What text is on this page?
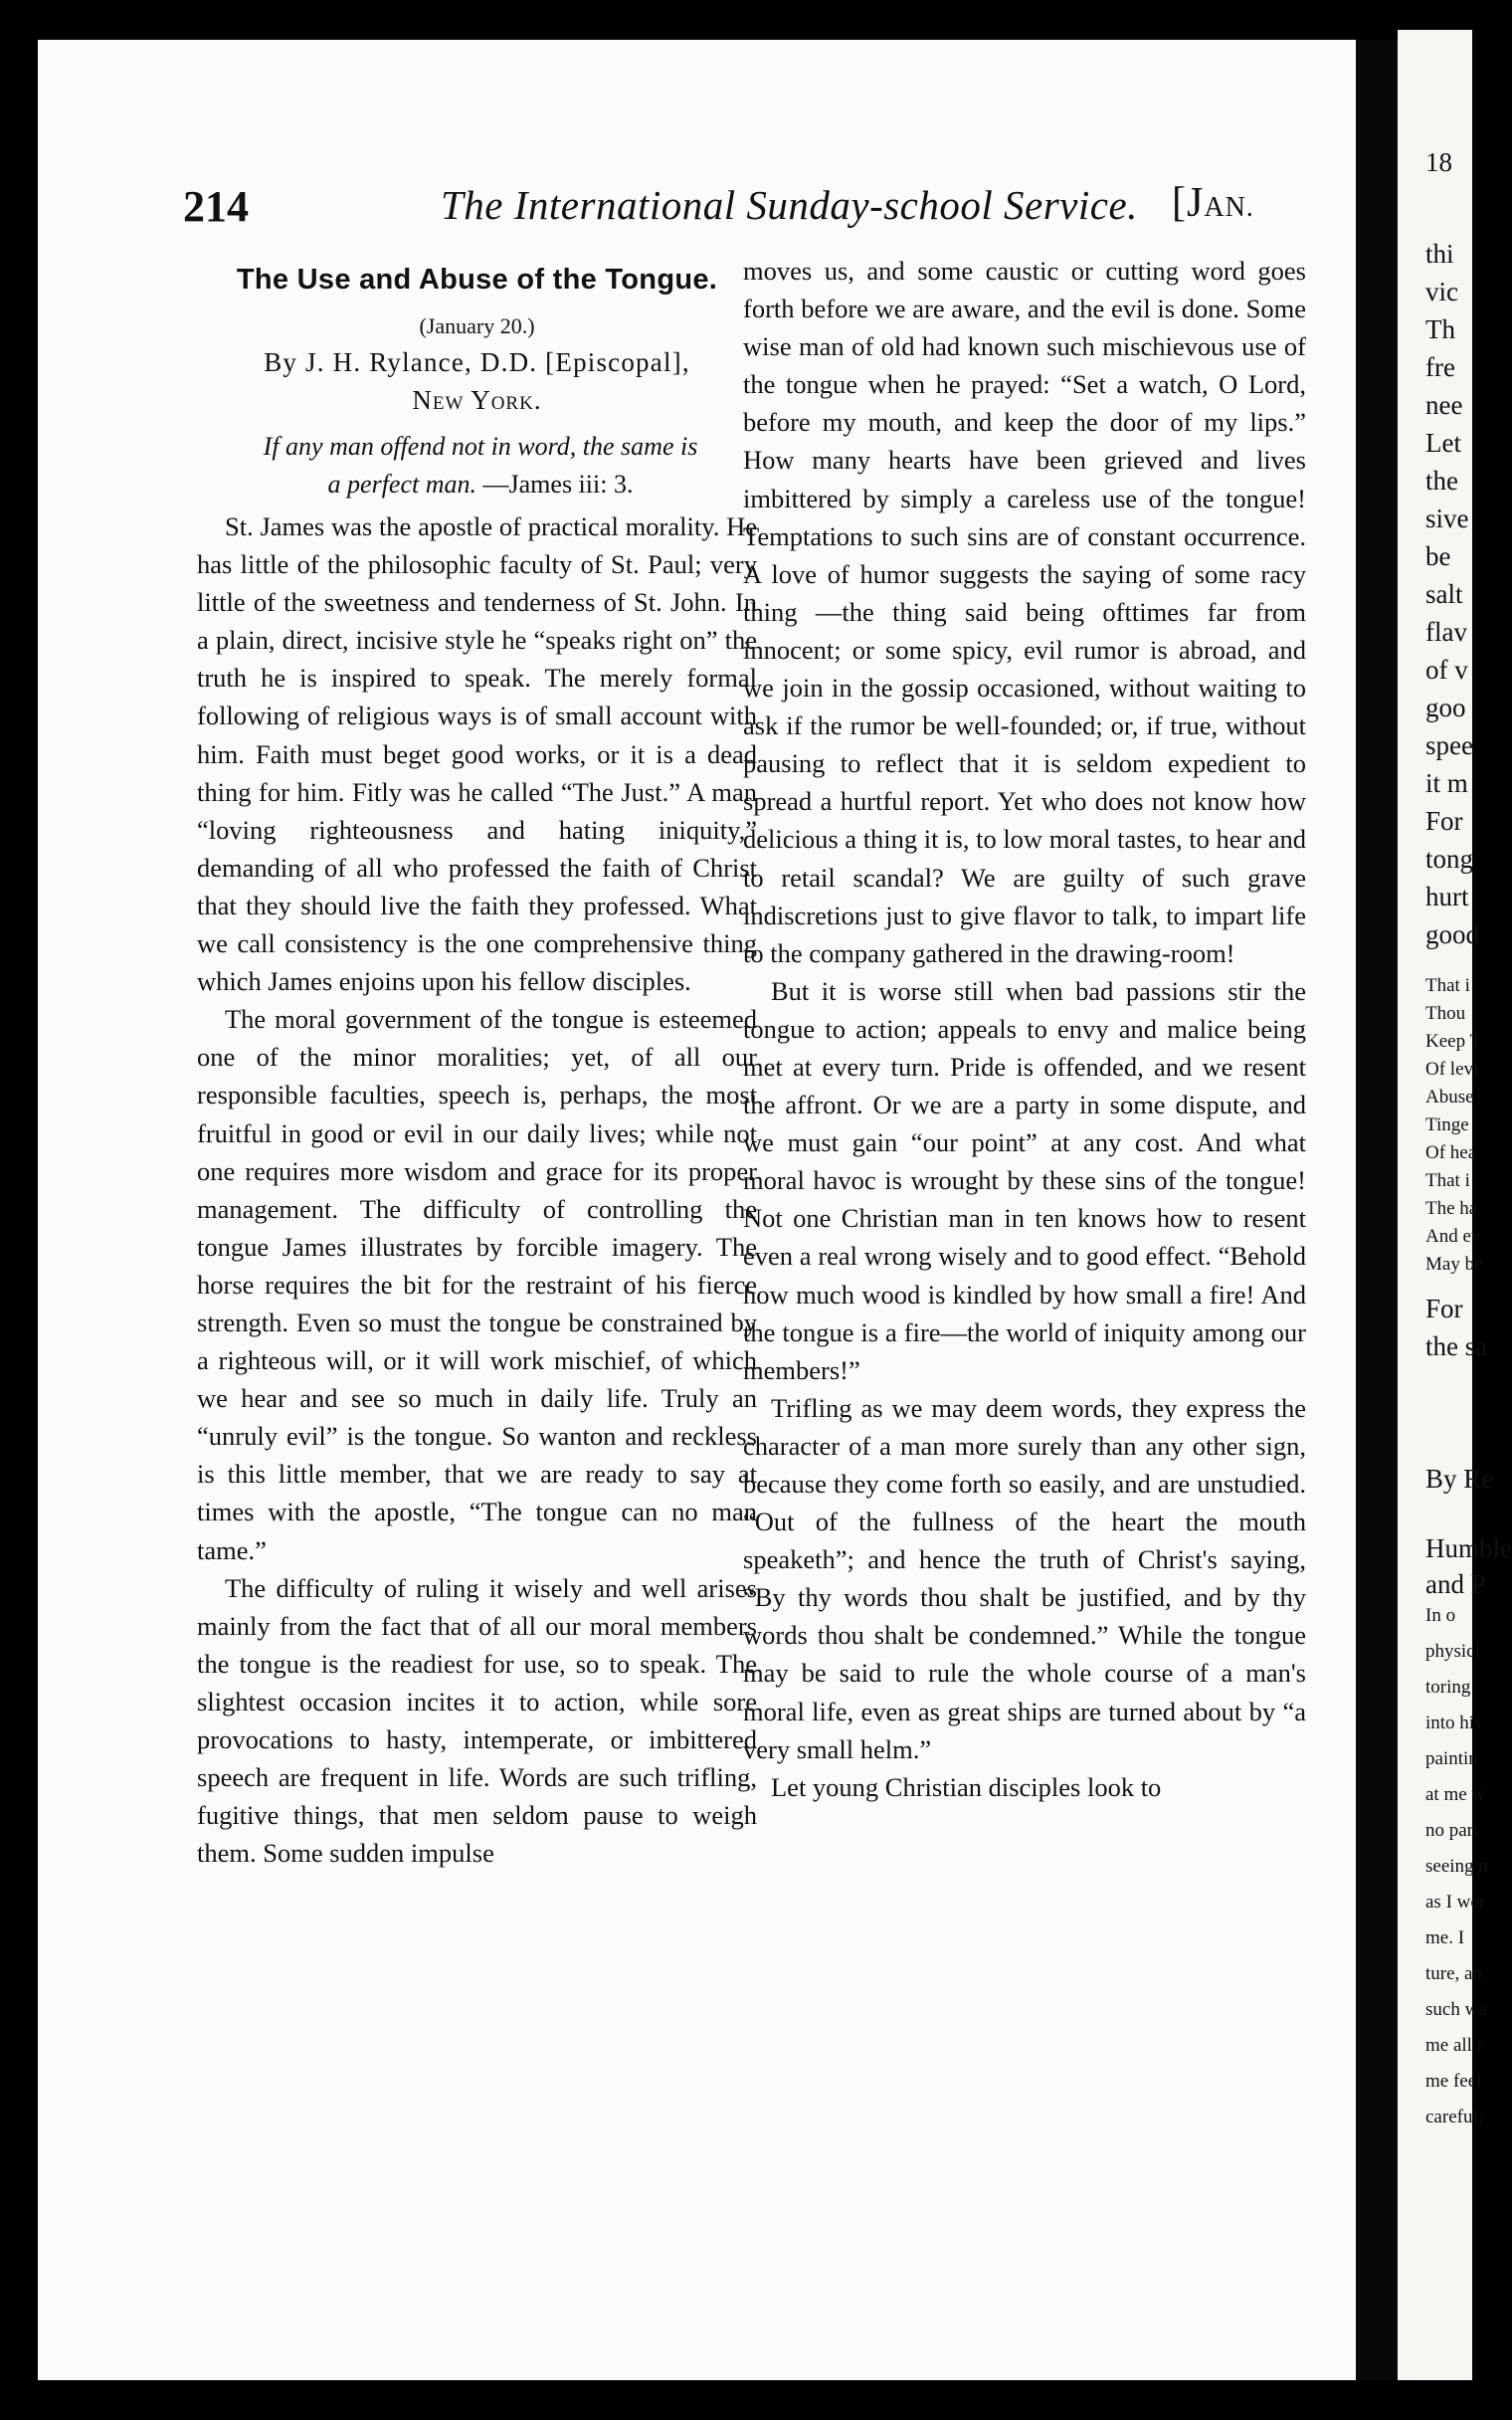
214	The International Sunday-school Service. [JAN.
The Use and Abuse of the Tongue.
(January 20.)
By J. H. Rylance, D.D. [Episcopal],
New York.
If any man offend not in word, the same is
a perfect man. —James iii: 3.

St. James was the apostle of practical morality. He has little of the philosophic faculty of St. Paul; very little of the sweetness and tenderness of St. John. In a plain, direct, incisive style he “speaks right on” the truth he is inspired to speak. The merely formal following of religious ways is of small account with him. Faith must beget good works, or it is a dead thing for him. Fitly was he called “The Just.” A man “loving righteousness and hating iniquity,” demanding of all who professed the faith of Christ that they should live the faith they professed. What we call consistency is the one comprehensive thing which James enjoins upon his fellow disciples.

The moral government of the tongue is esteemed one of the minor moralities; yet, of all our responsible faculties, speech is, perhaps, the most fruitful in good or evil in our daily lives; while not one requires more wisdom and grace for its proper management. The difficulty of controlling the tongue James illustrates by forcible imagery. The horse requires the bit for the restraint of his fierce strength. Even so must the tongue be constrained by a righteous will, or it will work mischief, of which we hear and see so much in daily life. Truly an “unruly evil” is the tongue. So wanton and reckless is this little member, that we are ready to say at times with the apostle, “The tongue can no man tame.”

The difficulty of ruling it wisely and well arises mainly from the fact that of all our moral members the tongue is the readiest for use, so to speak. The slightest occasion incites it to action, while sore provocations to hasty, intemperate, or imbittered speech are frequent in life. Words are such trifling, fugitive things, that men seldom pause to weigh them. Some sudden impulse

moves us, and some caustic or cutting word goes forth before we are aware, and the evil is done. Some wise man of old had known such mischievous use of the tongue when he prayed: “Set a watch, O Lord, before my mouth, and keep the door of my lips.” How many hearts have been grieved and lives imbittered by simply a careless use of the tongue! Temptations to such sins are of constant occurrence. A love of humor suggests the saying of some racy thing —the thing said being ofttimes far from innocent; or some spicy, evil rumor is abroad, and we join in the gossip occasioned, without waiting to ask if the rumor be well-founded; or, if true, without pausing to reflect that it is seldom expedient to spread a hurtful report. Yet who does not know how delicious a thing it is, to low moral tastes, to hear and to retail scandal? We are guilty of such grave indiscretions just to give flavor to talk, to impart life to the company gathered in the drawing-room!

But it is worse still when bad passions stir the tongue to action; appeals to envy and malice being met at every turn. Pride is offended, and we resent the affront. Or we are a party in some dispute, and we must gain “our point” at any cost. And what moral havoc is wrought by these sins of the tongue! Not one Christian man in ten knows how to resent even a real wrong wisely and to good effect. “Behold how much wood is kindled by how small a fire! And the tongue is a fire—the world of iniquity among our members!”

Trifling as we may deem words, they express the character of a man more surely than any other sign, because they come forth so easily, and are unstudied. “Out of the fullness of the heart the mouth speaketh”; and hence the truth of Christ's saying, “By thy words thou shalt be justified, and by thy words thou shalt be condemned.” While the tongue may be said to rule the whole course of a man's moral life, even as great ships are turned about by “a very small helm.”

Let young Christian disciples look to

18
thi
vic
Th
fre
nee
Let
the
sive
be
salt
flav
of v
goo
spee
it m
For
tong
hurt
good
That i
Thou
Keep T
Of levi
Abuse
Tinge
Of hea
That i
The ha
And ev
May be
For
the sa
By Re
Humble
and P
In o
physici
toring
into his
paintin
at me w
no part
seeing n
as I wer
me. I
ture, an
such wa
me all r
me feel
careful;
